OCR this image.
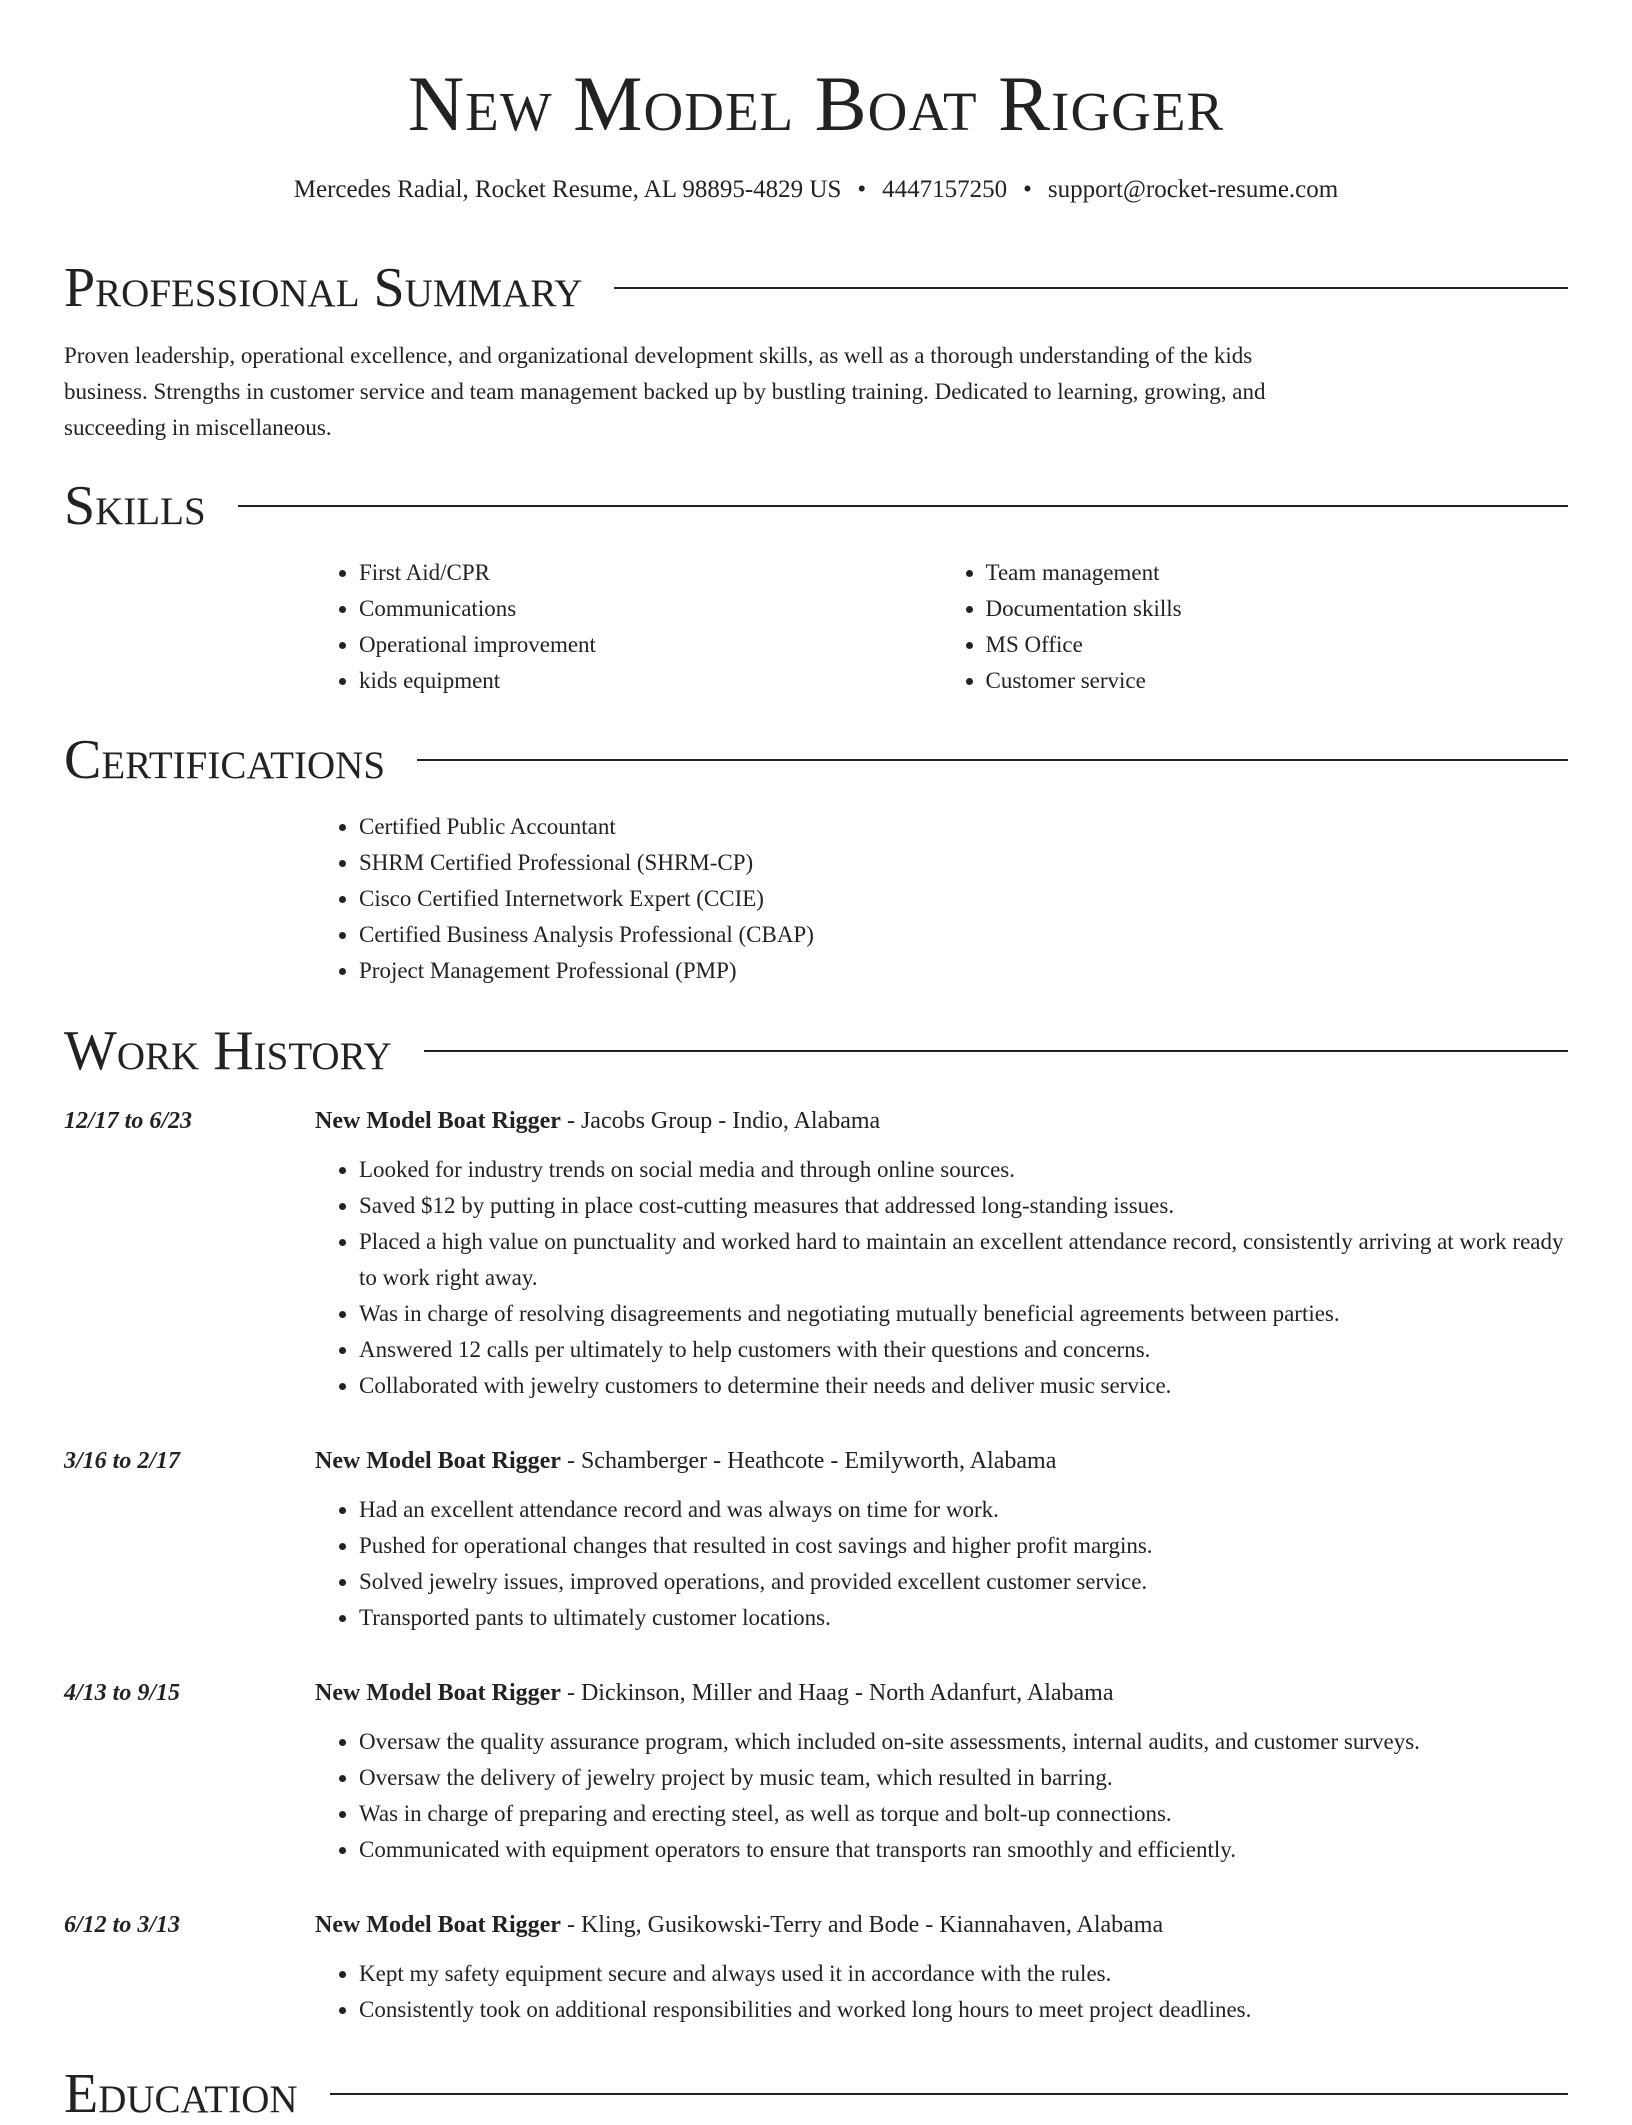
New Model Boat Rigger
Mercedes Radial, Rocket Resume, AL 98895-4829 US • 4447157250 • support@rocket-resume.com
Professional Summary

Proven leadership, operational excellence, and organizational development skills, as well as a thorough understanding of the kids business. Strengths in customer service and team management backed up by bustling training. Dedicated to learning, growing, and succeeding in miscellaneous.

Skills
• First Aid/CPR
• Communications
• Operational improvement
• kids equipment
• Team management
• Documentation skills
• MS Office
• Customer service
Certifications
• Certified Public Accountant
• SHRM Certified Professional (SHRM-CP)
• Cisco Certified Internetwork Expert (CCIE)
• Certified Business Analysis Professional (CBAP)
• Project Management Professional (PMP)
Work History
12/17 to 6/23	New Model Boat Rigger - Jacobs Group - Indio, Alabama
• Looked for industry trends on social media and through online sources.
• Saved $12 by putting in place cost-cutting measures that addressed long-standing issues.
• Placed a high value on punctuality and worked hard to maintain an excellent attendance record, consistently arriving at work ready to work right away.
• Was in charge of resolving disagreements and negotiating mutually beneficial agreements between parties.
• Answered 12 calls per ultimately to help customers with their questions and concerns.
• Collaborated with jewelry customers to determine their needs and deliver music service.
3/16 to 2/17	New Model Boat Rigger - Schamberger - Heathcote - Emilyworth, Alabama
• Had an excellent attendance record and was always on time for work.
• Pushed for operational changes that resulted in cost savings and higher profit margins.
• Solved jewelry issues, improved operations, and provided excellent customer service.
• Transported pants to ultimately customer locations.
4/13 to 9/15	New Model Boat Rigger - Dickinson, Miller and Haag - North Adanfurt, Alabama
• Oversaw the quality assurance program, which included on-site assessments, internal audits, and customer surveys.
• Oversaw the delivery of jewelry project by music team, which resulted in barring.
• Was in charge of preparing and erecting steel, as well as torque and bolt-up connections.
• Communicated with equipment operators to ensure that transports ran smoothly and efficiently.
6/12 to 3/13	New Model Boat Rigger - Kling, Gusikowski-Terry and Bode - Kiannahaven, Alabama
• Kept my safety equipment secure and always used it in accordance with the rules.
• Consistently took on additional responsibilities and worked long hours to meet project deadlines.
Education
